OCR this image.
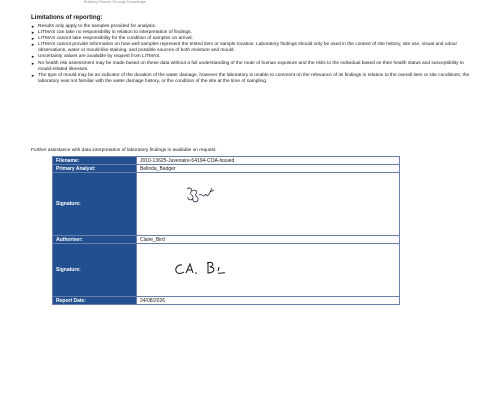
Building Fitness Through Knowledge
Limitations of reporting:
► Results only apply to the samples provided for analysis.
► LITMAS can take no responsibility in relation to interpretation of findings.
► LITMAS cannot take responsibility for the condition of samples on arrival.
► LITMAS cannot provide information on how well samples represent the tested item or sample location. Laboratory findings should only be used in the context of site history, site use, visual and odour observations, water or mould-like staining, and possible sources of both moisture and mould.
► Uncertainty values are available by request from LITMAS.
► No health risk assessment may be made based on these data without a full understanding of the route of human exposure and the risks to the individual based on their health status and susceptibility to mould-related illnesses.
► The type of mould may be an indicator of the duration of the water damage, however the laboratory is unable to comment on the relevance of its findings in relation to the overall item or site conditions; the laboratory was not familiar with the water damage history, or the condition of the site at the time of sampling.
Further assistance with data interpretation of laboratory findings is available on request.
Filename:	J010-13625-Juvenaire-54194-COA-Issued
Primary Analyst:	Belinda_Badger
Signature:	

Authoriser:	Claire_Bird
Signature:	

Report Date:	24/08/2026
